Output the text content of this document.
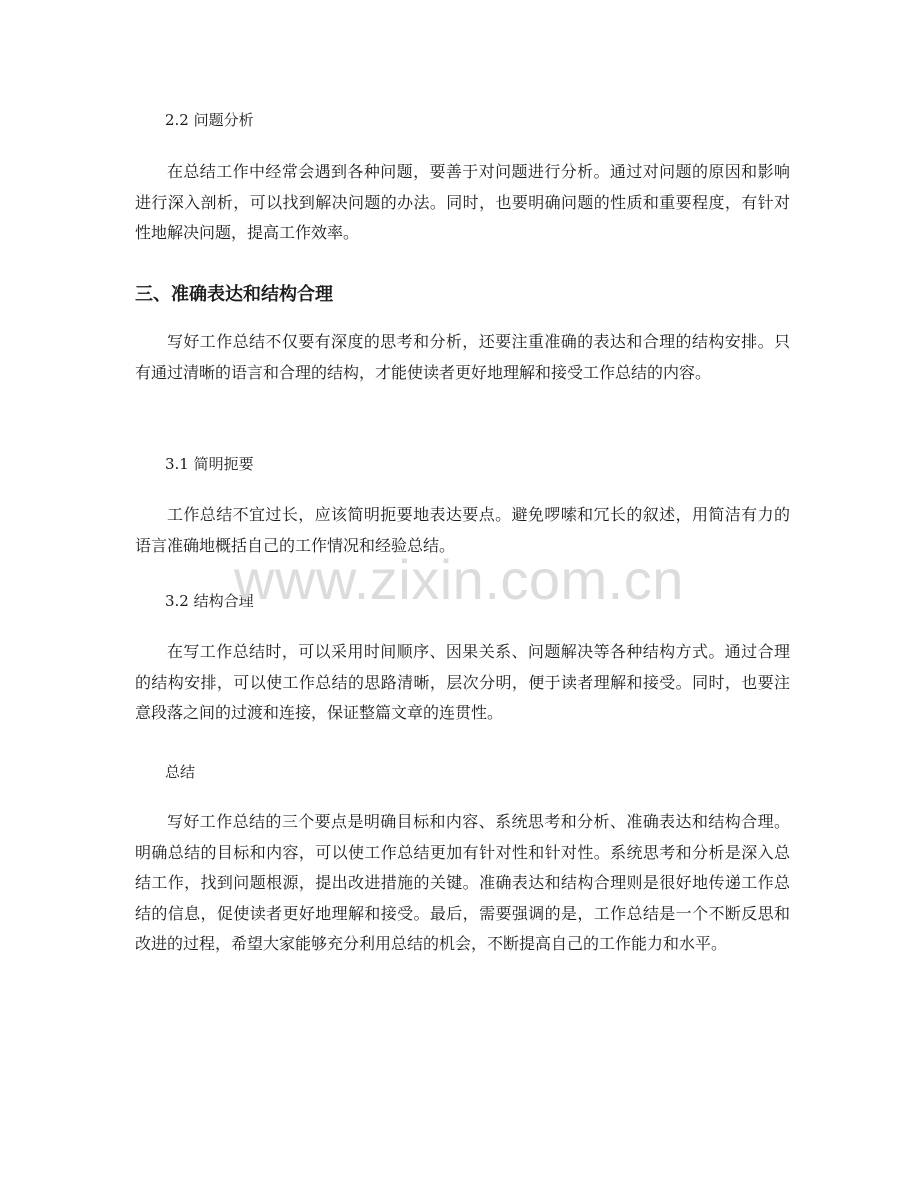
2.2 问题分析

在总结工作中经常会遇到各种问题，要善于对问题进行分析。通过对问题的原因和影响进行深入剖析，可以找到解决问题的办法。同时，也要明确问题的性质和重要程度，有针对性地解决问题，提高工作效率。

三、准确表达和结构合理

写好工作总结不仅要有深度的思考和分析，还要注重准确的表达和合理的结构安排。只有通过清晰的语言和合理的结构，才能使读者更好地理解和接受工作总结的内容。

3.1 简明扼要

工作总结不宜过长，应该简明扼要地表达要点。避免啰嗦和冗长的叙述，用简洁有力的语言准确地概括自己的工作情况和经验总结。

3.2 结构合理

在写工作总结时，可以采用时间顺序、因果关系、问题解决等各种结构方式。通过合理的结构安排，可以使工作总结的思路清晰，层次分明，便于读者理解和接受。同时，也要注意段落之间的过渡和连接，保证整篇文章的连贯性。

总结

写好工作总结的三个要点是明确目标和内容、系统思考和分析、准确表达和结构合理。明确总结的目标和内容，可以使工作总结更加有针对性和针对性。系统思考和分析是深入总结工作，找到问题根源，提出改进措施的关键。准确表达和结构合理则是很好地传递工作总结的信息，促使读者更好地理解和接受。最后，需要强调的是，工作总结是一个不断反思和改进的过程，希望大家能够充分利用总结的机会，不断提高自己的工作能力和水平。

www.zixin.com.cn
